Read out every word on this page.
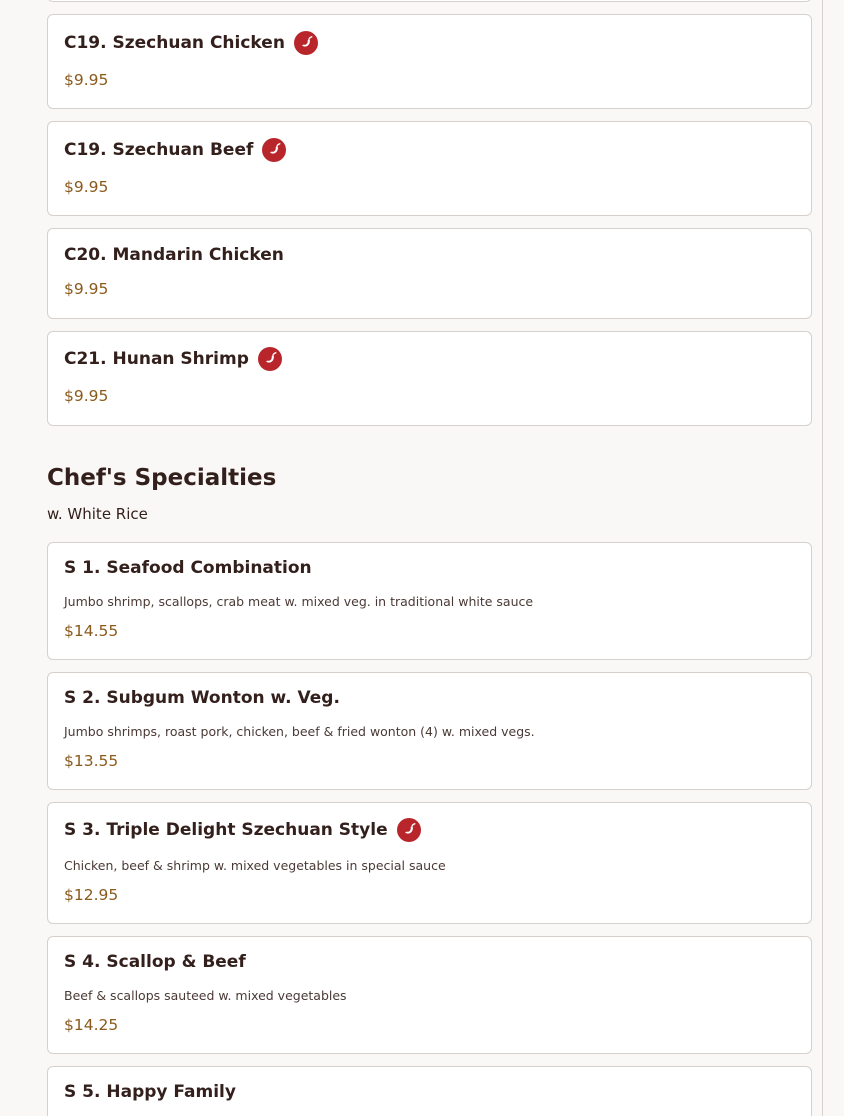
C19. Szechuan Chicken
$9.95
C19. Szechuan Beef
$9.95
C20. Mandarin Chicken
$9.95
C21. Hunan Shrimp
$9.95
Chef's Specialties
w. White Rice
S 1. Seafood Combination
Jumbo shrimp, scallops, crab meat w. mixed veg. in traditional white sauce
$14.55
S 2. Subgum Wonton w. Veg.
Jumbo shrimps, roast pork, chicken, beef & fried wonton (4) w. mixed vegs.
$13.55
S 3. Triple Delight Szechuan Style
Chicken, beef & shrimp w. mixed vegetables in special sauce
$12.95
S 4. Scallop & Beef
Beef & scallops sauteed w. mixed vegetables
$14.25
S 5. Happy Family
